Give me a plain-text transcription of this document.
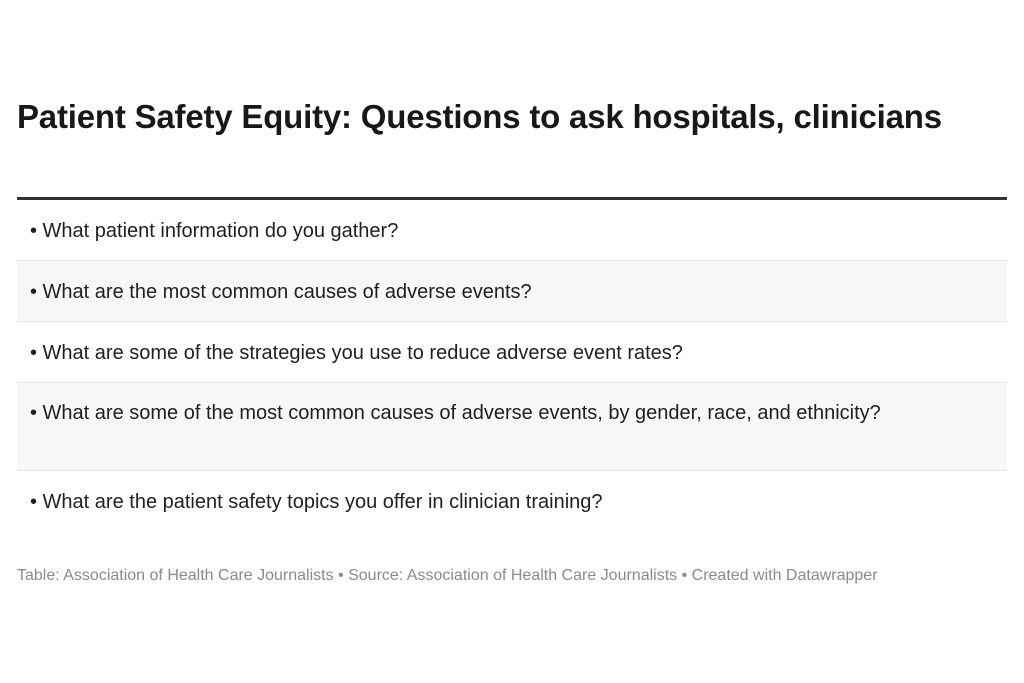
Patient Safety Equity: Questions to ask hospitals, clinicians
• What patient information do you gather?
• What are the most common causes of adverse events?
• What are some of the strategies you use to reduce adverse event rates?
• What are some of the most common causes of adverse events, by gender, race, and ethnicity?
• What are the patient safety topics you offer in clinician training?
Table: Association of Health Care Journalists • Source: Association of Health Care Journalists • Created with Datawrapper
